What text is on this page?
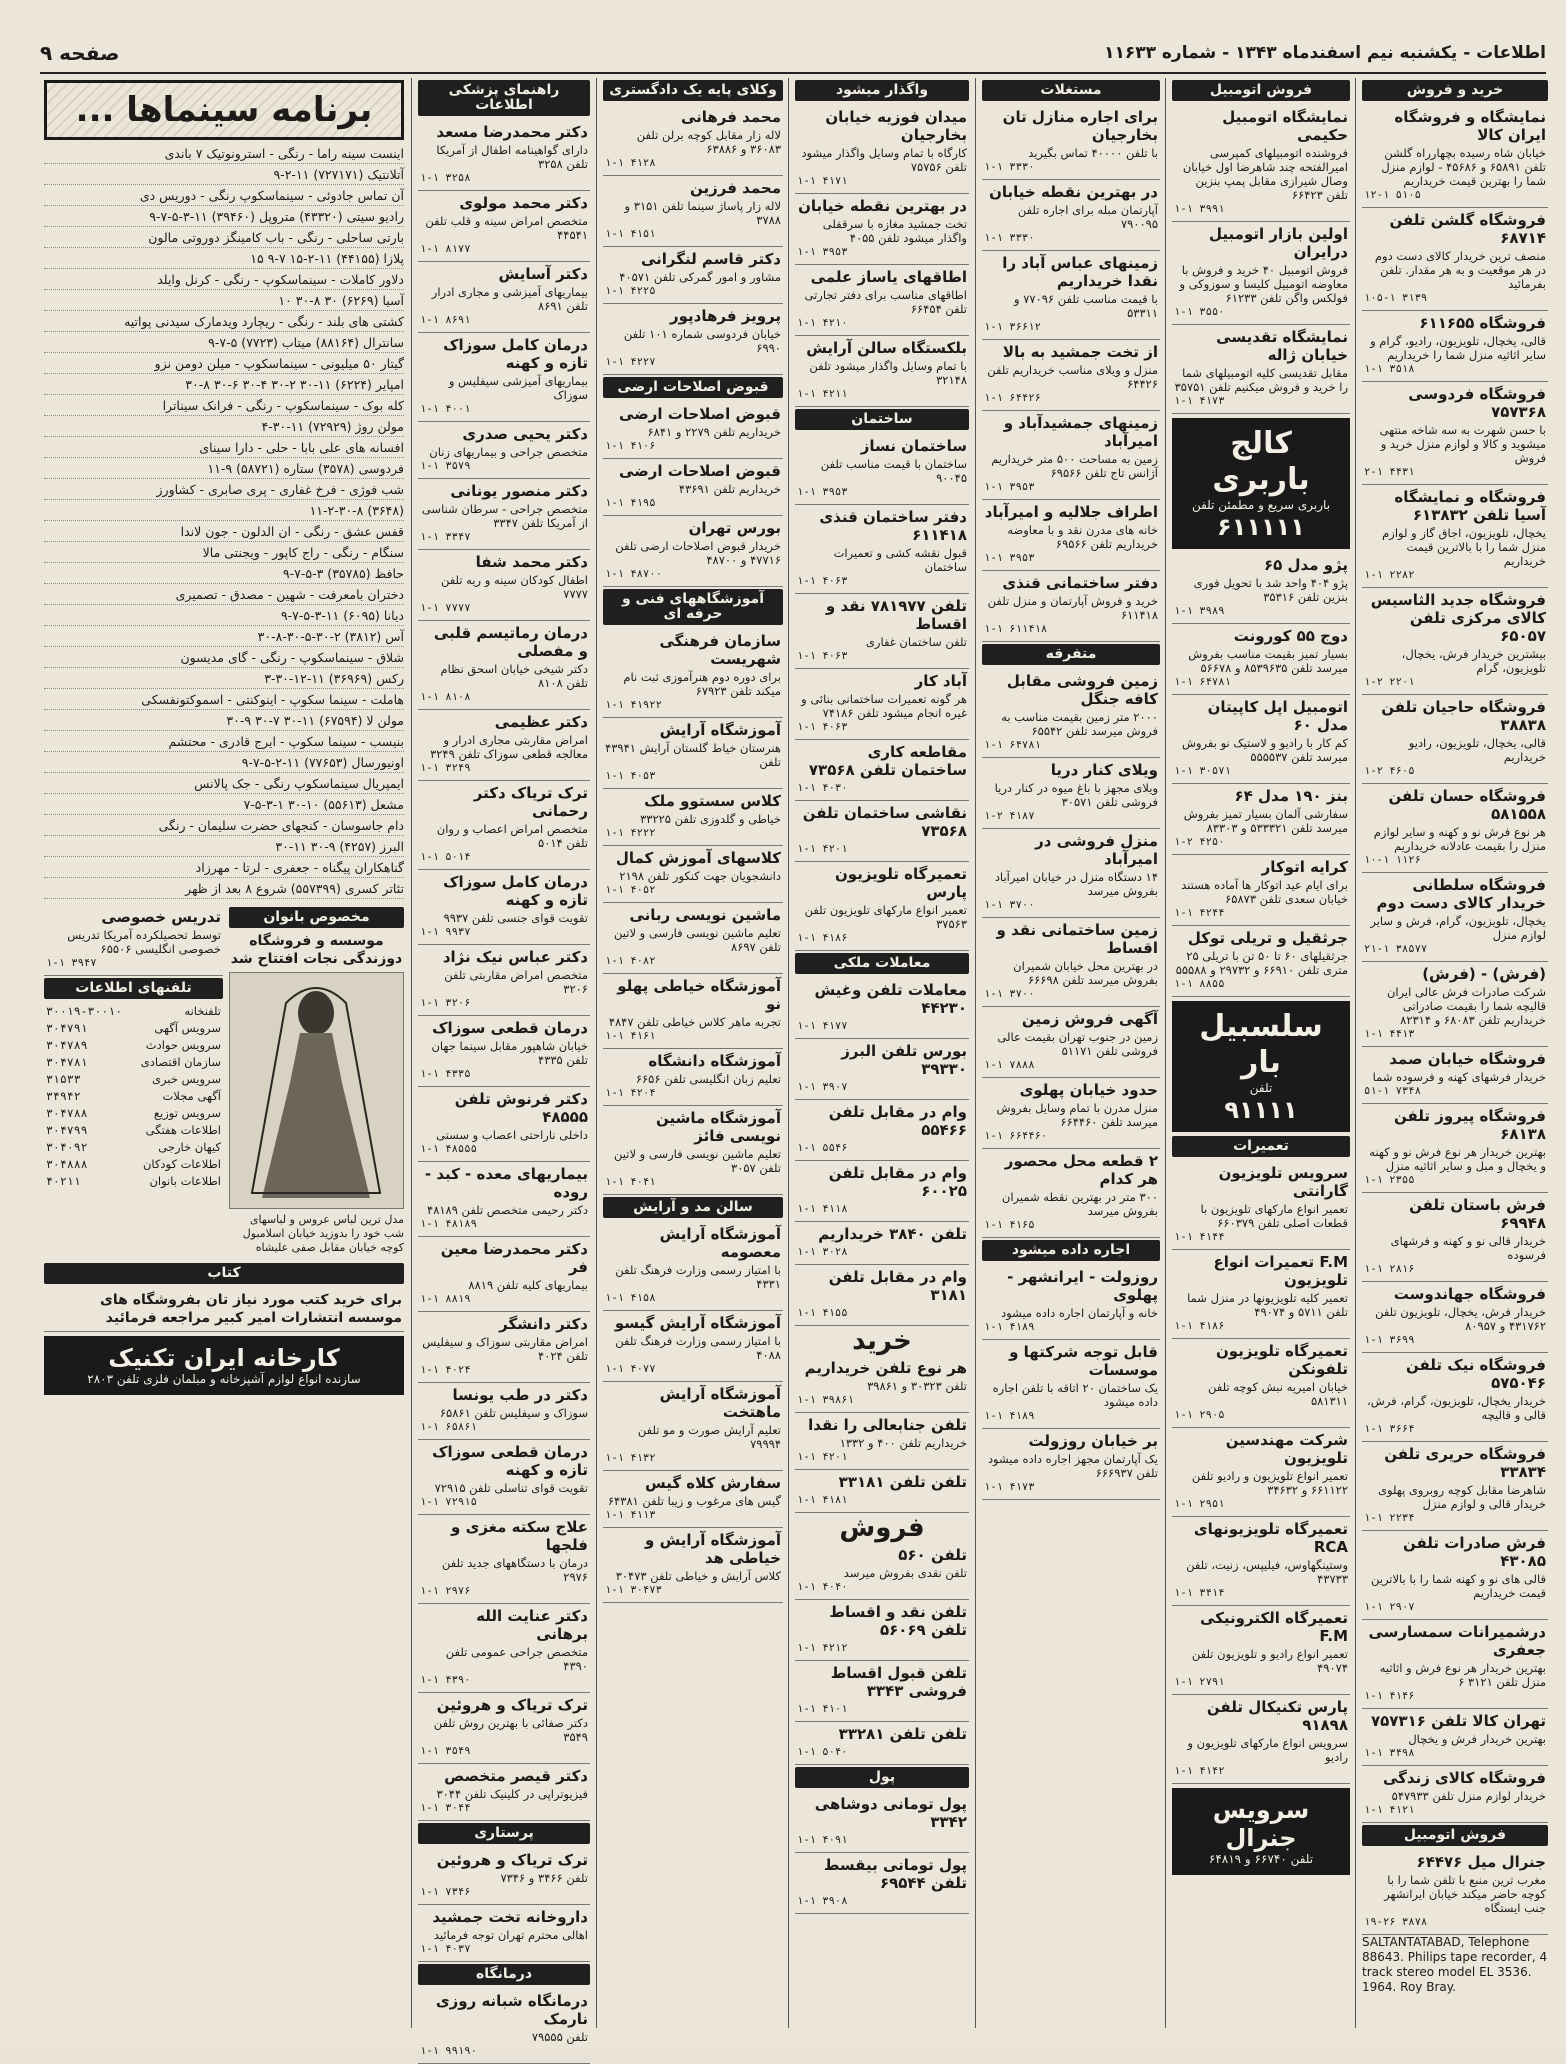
اطلاعات - یکشنبه نیم اسفندماه ۱۳۴۳ - شماره ۱۱۶۳۳
صفحه ۹
خرید و فروش
نمایشگاه و فروشگاه ایران کالا

خیابان شاه رسیده بچهارراه گلشن تلفن ۶۵۸۹۱ و ۴۵۶۸۶ - لوازم منزل شما را بهترین قیمت خریداریم

۱۲-۱ ۵۱۰۵
فروشگاه گلشن تلفن ۶۸۷۱۴

منصف ترین خریدار کالای دست دوم در هر موقعیت و به هر مقدار. تلفن بفرمائید

۱۰۵-۱ ۳۱۳۹
فروشگاه ۶۱۱۶۵۵

قالی، یخچال، تلویزیون، رادیو، گرام و سایر اثاثیه منزل شما را خریداریم

۱-۱ ۳۵۱۸
فروشگاه فردوسی ۷۵۷۳۶۸

با حسن شهرت به سه شاخه منتهی میشوید و کالا و لوازم منزل خرید و فروش

۲-۱ ۴۴۳۱
فروشگاه و نمایشگاه آسیا تلفن ۶۱۳۸۳۲

یخچال، تلویزیون، اجاق گاز و لوازم منزل شما را با بالاترین قیمت خریداریم

۱-۱ ۲۲۸۲
فروشگاه جدید الثاسیس کالای مرکزی تلفن ۶۵۰۵۷

بیشترین خریدار فرش، یخچال، تلویزیون، گرام

۱-۲ ۲۲۰۱
فروشگاه حاجیان تلفن ۳۸۸۳۸

قالی، یخچال، تلویزیون، رادیو خریداریم

۱-۲ ۴۶۰۵
فروشگاه حسان تلفن ۵۸۱۵۵۸

هر نوع فرش نو و کهنه و سایر لوازم منزل را بقیمت عادلانه خریداریم

۱۰-۱ ۱۱۲۶
فروشگاه سلطانی خریدار کالای دست دوم

یخچال، تلویزیون، گرام، فرش و سایر لوازم منزل

۲۱-۱ ۳۸۵۷۷
(فرش) - (فرش)

شرکت صادرات فرش عالی ایران قالیچه شما را بقیمت صادراتی خریداریم تلفن ۶۸۰۸۳ و ۸۲۳۱۴

۱-۱ ۴۴۱۳
فروشگاه خیابان صمد

خریدار فرشهای کهنه و فرسوده شما

۵۱-۱ ۷۳۴۸
فروشگاه پیروز تلفن ۶۸۱۳۸

بهترین خریدار هر نوع فرش نو و کهنه و یخچال و مبل و سایر اثاثیه منزل

۱-۱ ۲۳۵۵
فرش باستان تلفن ۶۹۹۴۸

خریدار قالی نو و کهنه و فرشهای فرسوده

۱-۱ ۲۸۱۶
فروشگاه جهاندوست

خریدار فرش، یخچال، تلویزیون تلفن ۴۳۱۷۶۲ و ۸۰۹۵۷

۱-۱ ۳۶۹۹
فروشگاه نیک تلفن ۵۷۵۰۴۶

خریدار یخچال، تلویزیون، گرام، فرش، قالی و قالیچه

۱-۱ ۳۶۶۴
فروشگاه حریری تلفن ۳۳۸۳۴

شاهرضا مقابل کوچه روبروی پهلوی خریدار قالی و لوازم منزل

۱-۱ ۲۲۳۴
فرش صادرات تلفن ۴۳۰۸۵

قالی های نو و کهنه شما را با بالاترین قیمت خریداریم

۱-۱ ۲۹۰۷
درشمیرانات سمسارسی جعفری

بهترین خریدار هر نوع فرش و اثاثیه منزل تلفن ۳۱۲۱ ۶

۱-۱ ۴۱۴۶
تهران کالا تلفن ۷۵۷۳۱۶

بهترین خریدار فرش و یخچال

۱-۱ ۳۴۹۸
فروشگاه کالای زندگی

خریدار لوازم منزل تلفن ۵۴۷۹۳۳

۱-۱ ۴۱۲۱
فروش اتومبیل
جنرال میل ۶۴۴۷۶

مغرب ترین منبع با تلفن شما را با کوچه حاضر میکند خیابان ایرانشهر جنب ایستگاه

۱۹-۲۶ ۳۸۷۸
SALTANTATABAD, Telephone 88643. Philips tape recorder, 4 track stereo model EL 3536. 1964. Roy Bray.
فروش اتومبیل
نمایشگاه اتومبیل حکیمی

فروشنده اتومبیلهای کمپرسی امیرالفتحه چند شاهرضا اول خیابان وصال شیرازی مقابل پمپ بنزین تلفن ۶۶۴۲۳

۱-۱ ۳۹۹۱
اولین بازار اتومبیل درایران

فروش اتومبیل ۴۰ خرید و فروش با معاوضه اتومبیل کلیسا و سوزوکی و فولکس واگن تلفن ۶۱۲۳۳

۱-۱ ۳۵۵۰
نمایشگاه تقدیسی خیابان ژاله

مقابل تقدیسی کلیه اتومبیلهای شما را خرید و فروش میکنیم تلفن ۳۵۷۵۱

۱-۱ ۴۱۷۳
کالج باربری
باربری سریع و مطمئن تلفن
۶۱۱۱۱۱
پژو مدل ۶۵

پژو ۴۰۴ واحد شد با تحویل فوری بنزین تلفن ۳۵۳۱۶

۱-۱ ۳۹۸۹
دوج ۵۵ کورونت

بسیار تمیز بقیمت مناسب بفروش میرسد تلفن ۸۵۳۹۶۳۵ و ۵۶۶۷۸

۱-۱ ۶۴۷۸۱
اتومبیل اپل کاپیتان مدل ۶۰

کم کار با رادیو و لاستیک نو بفروش میرسد تلفن ۵۵۵۵۳۷

۱-۱ ۳۰۵۷۱
بنز ۱۹۰ مدل ۶۴

سفارشی آلمان بسیار تمیز بفروش میرسد تلفن ۵۳۳۳۲۱ و ۸۳۳۰۳

۱-۲ ۴۲۵۰
کرایه اتوکار

برای ایام عید اتوکار ها آماده هستند خیابان سعدی تلفن ۶۵۸۷۳

۱-۱ ۴۲۴۴
جرثقیل و تریلی توکل

جرثقیلهای ۶۰ تا ۵۰ تن با تریلی ۲۵ متری تلفن ۶۶۹۱۰ و ۲۹۷۳۲ و ۵۵۵۸۸

۱-۱ ۸۸۵۵
سلسبیل بار
تلفن
۹۱۱۱۱
تعمیرات
سرویس تلویزیون گارانتی

تعمیر انواع مارکهای تلویزیون با قطعات اصلی تلفن ۶۶۰۳۷۹

۱-۱ ۴۱۴۴
F.M تعمیرات انواع تلویزیون

تعمیر کلیه تلویزیونها در منزل شما تلفن ۵۷۱۱ و ۴۹۰۷۴

۱-۱ ۴۱۸۶
تعمیرگاه تلویزیون تلفونکن

خیابان امیریه نبش کوچه تلفن ۵۸۱۳۱۱

۱-۱ ۲۹۰۵
شرکت مهندسین تلویزیون

تعمیر انواع تلویزیون و رادیو تلفن ۶۶۱۱۲۲ و ۳۴۶۳۲

۱-۱ ۲۹۵۱
تعمیرگاه تلویزیونهای RCA

وستینگهاوس، فیلیپس، زنیت، تلفن ۴۳۷۳۳

۱-۱ ۳۴۱۴
تعمیرگاه الکترونیکی F.M

تعمیر انواع رادیو و تلویزیون تلفن ۴۹۰۷۴

۱-۱ ۲۷۹۱
پارس تکنیکال تلفن ۹۱۸۹۸

سرویس انواع مارکهای تلویزیون و رادیو

۱-۱ ۴۱۴۲
سرویس جنرال
تلفن ۶۶۷۴۰ و ۶۴۸۱۹
مستغلات
برای اجاره منازل تان بخارجیان

با تلفن ۴۰۰۰۰ تماس بگیرید

۱-۱ ۳۳۳۰
در بهترین نقطه خیابان

آپارتمان مبله برای اجاره تلفن ۷۹۰۰۹۵

۱-۱ ۳۳۳۰
زمینهای عباس آباد را نقدا خریداریم

با قیمت مناسب تلفن ۷۷۰۹۶ و ۵۳۳۱۱

۱-۱ ۳۶۶۱۲
از تخت جمشید به بالا

منزل و ویلای مناسب خریداریم تلفن ۶۴۴۲۶

۱-۱ ۶۴۴۲۶
زمینهای جمشیدآباد و امیرآباد

زمین به مساحت ۵۰۰ متر خریداریم آژانس تاج تلفن ۶۹۵۶۶

۱-۱ ۳۹۵۳
اطراف جلالیه و امیرآباد

خانه های مدرن نقد و با معاوضه خریداریم تلفن ۶۹۵۶۶

۱-۱ ۳۹۵۳
دفتر ساختمانی قنذی

خرید و فروش آپارتمان و منزل تلفن ۶۱۱۴۱۸

۱-۱ ۶۱۱۴۱۸
متفرقه
زمین فروشی مقابل کافه جنگل

۲۰۰۰ متر زمین بقیمت مناسب به فروش میرسد تلفن ۶۵۵۴۲

۱-۱ ۶۴۷۸۱
ویلای کنار دریا

ویلای مجهز با باغ میوه در کنار دریا فروشی تلفن ۳۰۵۷۱

۱-۲ ۴۱۸۷
منزل فروشی در امیرآباد

۱۴ دستگاه منزل در خیابان امیرآباد بفروش میرسد

۱-۱ ۳۷۰۰
زمین ساختمانی نقد و اقساط

در بهترین محل خیابان شمیران بفروش میرسد تلفن ۶۶۶۹۸

۱-۱ ۳۷۰۰
آگهی فروش زمین

زمین در جنوب تهران بقیمت عالی فروشی تلفن ۵۱۱۷۱

۱-۱ ۷۸۸۸
حدود خیابان پهلوی

منزل مدرن با تمام وسایل بفروش میرسد تلفن ۶۶۴۴۶۰

۱-۱ ۶۶۴۴۶۰
۲ قطعه محل محصور هر کدام

۳۰۰ متر در بهترین نقطه شمیران بفروش میرسد

۱-۱ ۴۱۶۵
اجاره داده میشود
روزولت - ایرانشهر - پهلوی

خانه و آپارتمان اجاره داده میشود

۱-۱ ۴۱۸۹
قابل توجه شرکتها و موسسات

یک ساختمان ۲۰ اتاقه با تلفن اجاره داده میشود

۱-۱ ۴۱۸۹
بر خیابان روزولت

یک آپارتمان مجهز اجاره داده میشود تلفن ۶۶۶۹۳۷

۱-۱ ۴۱۷۳
واگذار میشود
میدان فوزیه خیابان بخارجیان

کارگاه با تمام وسایل واگذار میشود تلفن ۷۵۷۵۶

۱-۱ ۴۱۷۱
در بهترین نقطه خیابان

تخت جمشید مغازه با سرقفلی واگذار میشود تلفن ۴۰۵۵

۱-۱ ۳۹۵۳
اطاقهای یاساز علمی

اطاقهای مناسب برای دفتر تجارتی تلفن ۶۶۴۵۴

۱-۱ ۴۲۱۰
بلکستگاه سالن آرایش

با تمام وسایل واگذار میشود تلفن ۳۲۱۴۸

۱-۱ ۴۲۱۱
ساختمان
ساختمان نساز

ساختمان با قیمت مناسب تلفن ۹۰۰۴۵

۱-۱ ۳۹۵۳
دفتر ساختمان قنذی ۶۱۱۴۱۸

قبول نقشه کشی و تعمیرات ساختمان

۱-۱ ۴۰۶۳
تلفن ۷۸۱۹۷۷ نقد و اقساط

تلفن ساختمان غفاری

۱-۱ ۴۰۶۳
آباد کار

هر گونه تعمیرات ساختمانی بنائی و غیره انجام میشود تلفن ۷۴۱۸۶

۱-۱ ۴۰۶۳
مقاطعه کاری ساختمان تلفن ۷۳۵۶۸
۱-۱ ۴۰۳۰
نقاشی ساختمان تلفن ۷۳۵۶۸
۱-۱ ۴۲۰۱
تعمیرگاه تلویزیون پارس

تعمیر انواع مارکهای تلویزیون تلفن ۳۷۵۶۳

۱-۱ ۴۱۸۶
معاملات ملکی
معاملات تلفن وغیش ۴۴۲۳۰
۱-۱ ۴۱۷۷
بورس تلفن البرز ۳۹۳۳۰
۱-۱ ۳۹۰۷
وام در مقابل تلفن ۵۵۴۶۶
۱-۱ ۵۵۴۶
وام در مقابل تلفن ۶۰۰۲۵
۱-۱ ۴۱۱۸
تلفن ۳۸۴۰ خریداریم
۱-۱ ۳۰۲۸
وام در مقابل تلفن ۳۱۸۱
۱-۱ ۴۱۵۵
خرید
هر نوع تلفن خریداریم

تلفن ۳۰۳۲۳ و ۳۹۸۶۱

۱-۱ ۳۹۸۶۱
تلفن جنابعالی را نقدا

خریداریم تلفن ۴۰۰ و ۱۳۳۲

۱-۱ ۴۲۰۱
تلفن تلفن ۳۳۱۸۱
۱-۱ ۴۱۸۱
فروش
تلفن ۵۶۰

تلفن نقدی بفروش میرسد

۱-۱ ۴۰۴۰
تلفن نقد و اقساط تلفن ۵۶۰۶۹
۱-۱ ۴۲۱۲
تلفن قبول اقساط فروشی ۳۳۴۳
۱-۱ ۴۱۰۱
تلفن تلفن ۳۳۲۸۱
۱-۱ ۵۰۴۰
پول
پول تومانی دوشاهی ۳۳۴۲
۱-۱ ۴۰۹۱
پول تومانی بیقسط تلفن ۶۹۵۴۴
۱-۱ ۳۹۰۸
وکلای پایه یک دادگستری
محمد فرهانی

لاله زار مقابل کوچه برلن تلفن ۳۶۰۸۳ و ۶۳۸۸۶

۱-۱ ۴۱۲۸
محمد فرزین

لاله زار پاساژ سینما تلفن ۳۱۵۱ و ۳۷۸۸

۱-۱ ۴۱۵۱
دکتر قاسم لنگرانی

مشاور و امور گمرکی تلفن ۴۰۵۷۱

۱-۱ ۴۲۲۵
پرویز فرهادپور

خیابان فردوسی شماره ۱۰۱ تلفن ۶۹۹۰

۱-۱ ۴۲۲۷
قبوض اصلاحات ارضی
قبوض اصلاحات ارضی

خریداریم تلفن ۲۲۷۹ و ۶۸۴۱

۱-۱ ۴۱۰۶
قبوض اصلاحات ارضی

خریداریم تلفن ۴۳۶۹۱

۱-۱ ۴۱۹۵
بورس تهران

خریدار قبوض اصلاحات ارضی تلفن ۴۷۷۱۶ و ۴۸۷۰۰

۱-۱ ۴۸۷۰۰
آموزشگاههای فنی و حرفه ای
سازمان فرهنگی شهریست

برای دوره دوم هنرآموزی ثبت نام میکند تلفن ۶۷۹۲۳

۱-۱ ۴۱۹۲۲
آموزشگاه آرایش

هنرستان خیاط گلستان آرایش ۴۳۹۴۱ تلفن

۱-۱ ۴۰۵۳
کلاس سستوو ملک

خیاطی و گلدوزی تلفن ۳۳۲۲۵

۱-۱ ۴۲۲۲
کلاسهای آموزش کمال

دانشجویان جهت کنکور تلفن ۲۱۹۸

۱-۱ ۴۰۵۲
ماشین نویسی ربانی

تعلیم ماشین نویسی فارسی و لاتین تلفن ۸۶۹۷

۱-۱ ۴۰۸۲
آموزشگاه خیاطی پهلو نو

تجربه ماهر کلاس خیاطی تلفن ۴۸۴۷

۱-۱ ۴۱۶۱
آموزشگاه دانشگاه

تعلیم زبان انگلیسی تلفن ۶۶۵۶

۱-۱ ۴۲۰۴
آموزشگاه ماشین نویسی فائز

تعلیم ماشین نویسی فارسی و لاتین تلفن ۳۰۵۷

۱-۱ ۴۰۴۱
سالن مد و آرایش
آموزشگاه آرایش معصومه

با امتیاز رسمی وزارت فرهنگ تلفن ۴۳۳۱

۱-۱ ۴۱۵۸
آموزشگاه آرایش گیسو

با امتیاز رسمی وزارت فرهنگ تلفن ۴۰۸۸

۱-۱ ۴۰۷۷
آموزشگاه آرایش ماهتخت

تعلیم آرایش صورت و مو تلفن ۷۹۹۹۴

۱-۱ ۴۱۳۲
سفارش کلاه گیس

گیس های مرغوب و زیبا تلفن ۶۴۳۸۱

۱-۱ ۴۱۱۳
آموزشگاه آرایش و خیاطی هد

کلاس آرایش و خیاطی تلفن ۳۰۴۷۳

۱-۱ ۳۰۴۷۳
راهنمای پزشکی اطلاعات
دکتر محمدرضا مسعد

دارای گواهینامه اطفال از آمریکا تلفن ۳۲۵۸

۱-۱ ۳۲۵۸
دکتر محمد مولوی

متخصص امراض سینه و قلب تلفن ۴۴۵۴۱

۱-۱ ۸۱۷۷
دکتر آسایش

بیماریهای آمیزشی و مجاری ادرار تلفن ۸۶۹۱

۱-۱ ۸۶۹۱
درمان کامل سوزاک تازه و کهنه

بیماریهای آمیزشی سیفلیس و سوزاک

۱-۱ ۴۰۰۱
دکتر یحیی صدری

متخصص جراحی و بیماریهای زنان

۱-۱ ۳۵۷۹
دکتر منصور یونانی

متخصص جراحی - سرطان شناسی از آمریکا تلفن ۳۳۴۷

۱-۱ ۳۳۴۷
دکتر محمد شفا

اطفال کودکان سینه و ریه تلفن ۷۷۷۷

۱-۱ ۷۷۷۷
درمان رماتیسم قلبی و مفصلی

دکتر شیخی خیابان اسحق نظام تلفن ۸۱۰۸

۱-۱ ۸۱۰۸
دکتر عظیمی

امراض مقاربتی مجاری ادرار و معالجه قطعی سوزاک تلفن ۳۲۴۹

۱-۱ ۳۲۴۹
ترک تریاک دکتر رحمانی

متخصص امراض اعصاب و روان تلفن ۵۰۱۴

۱-۱ ۵۰۱۴
درمان کامل سوزاک تازه و کهنه

تقویت قوای جنسی تلفن ۹۹۳۷

۱-۱ ۹۹۳۷
دکتر عباس نیک نژاد

متخصص امراض مقاربتی تلفن ۳۲۰۶

۱-۱ ۳۲۰۶
درمان قطعی سوزاک

خیابان شاهپور مقابل سینما جهان تلفن ۴۳۳۵

۱-۱ ۴۳۳۵
دکتر فرنوش تلفن ۴۸۵۵۵

داخلی ناراحتی اعصاب و سستی

۱-۱ ۴۸۵۵۵
بیماریهای معده - کبد - روده

دکتر رحیمی متخصص تلفن ۴۸۱۸۹

۱-۱ ۴۸۱۸۹
دکتر محمدرضا معین فر

بیماریهای کلیه تلفن ۸۸۱۹

۱-۱ ۸۸۱۹
دکتر دانشگر

امراض مقاربتی سوزاک و سیفلیس تلفن ۴۰۲۴

۱-۱ ۴۰۲۴
دکتر در طب یونسا

سوزاک و سیفلیس تلفن ۶۵۸۶۱

۱-۱ ۶۵۸۶۱
درمان قطعی سوزاک تازه و کهنه

تقویت قوای تناسلی تلفن ۷۲۹۱۵

۱-۱ ۷۲۹۱۵
علاج سکته مغزی و فلجها

درمان با دستگاههای جدید تلفن ۲۹۷۶

۱-۱ ۲۹۷۶
دکتر عنایت الله برهانی

متخصص جراحی عمومی تلفن ۴۳۹۰

۱-۱ ۴۳۹۰
ترک تریاک و هروئین

دکتر صفائی با بهترین روش تلفن ۳۵۴۹

۱-۱ ۳۵۴۹
دکتر قیصر متخصص

فیزیوتراپی در کلینیک تلفن ۳۰۴۴

۱-۱ ۳۰۴۴
پرستاری
ترک تریاک و هروئین

تلفن ۳۴۶۶ و ۷۳۴۶

۱-۱ ۷۳۴۶
داروخانه تخت جمشید

اهالی محترم تهران توجه فرمائید

۱-۱ ۴۰۳۷
درمانگاه
درمانگاه شبانه روزی نارمک

تلفن ۷۹۵۵۵

۱-۱ ۹۹۱۹۰
برنامه سینماها ...

اینست سینه راما - رنگی - استرونوتیک ۷ باندی

آتلانتیک (۷۲۷۱۷۱) ۱۱-۲-۹

آن تماس جادوئی - سینماسکوپ رنگی - دوریس دی

رادیو سیتی (۴۳۳۲۰) متروپل (۳۹۴۶۰) ۱۱-۳-۵-۷-۹

بارتی ساحلی - رنگی - باب کامینگز دوروتی مالون

پلازا (۴۴۱۵۵) ۱۱-۲-۱۵ ۷-۹ ۱۵

دلاور کاملات - سینماسکوپ - رنگی - کرنل وایلد

آسیا (۶۲۶۹) ۳۰ ۸-۳۰ ۱۰

کشتی های بلند - رنگی - ریچارد ویدمارک سیدنی پواتیه

سانترال (۸۸۱۶۴) میتاب (۷۷۲۳) ۵-۷-۹

گیتار ۵۰ میلیونی - سینماسکوپ - میلن دومن نزو

امپایر (۶۲۲۴) ۱۱-۳۰ ۲-۳۰ ۴-۳۰ ۶-۳۰ ۸-۳۰

کله بوک - سینماسکوپ - رنگی - فرانک سیناترا

مولن روژ (۷۲۹۲۹) ۱۱-۳۰-۴

افسانه های علی بابا - حلی - دارا سینای

فردوسی (۳۵۷۸) ستاره (۵۸۷۲۱) ۹-۱۱

شب فوژی - فرخ غفاری - پری صابری - کشاورز

(۳۶۴۸) ۱۱-۲-۳۰-۸

قفس عشق - رنگی - ان الدلون - جون لاندا

سنگام - رنگی - راج کاپور - ویجنتی مالا

حافظ (۳۵۷۸۵) ۳-۵-۷-۹

دختران بامعرفت - شهین - مصدق - تصمیری

دیانا (۶۰۹۵) ۱۱-۳-۵-۷-۹

آس (۳۸۱۲) ۲-۳۰-۵-۳۰-۸-۳۰

شلاق - سینماسکوپ - رنگی - گای مدیسون

رکس (۳۶۹۶۹) ۱۱-۱۲-۳۰-۳

هاملت - سینما سکوپ - اینوکنتی - اسموکتونفسکی

مولن لا (۶۷۵۹۴) ۱۱-۳۰ ۷-۳۰ ۹-۳۰

بنیسب - سینما سکوپ - ایرج قادری - محتشم

اونیورسال (۷۷۶۵۳) ۱۱-۲-۵-۷-۹

ایمپریال سینماسکوپ رنگی - جک پالانس

مشعل (۵۵۶۱۳) ۱۰-۳۰ ۱-۳-۵-۷

دام جاسوسان - کنجهای حضرت سلیمان - رنگی

البرز (۴۲۵۷) ۹-۳۰ ۱۱-۳۰

گناهکاران پیگناه - جعفری - لرتا - مهرزاد

تئاتر کسری (۵۵۷۳۹۹) شروع ۸ بعد از ظهر

مخصوص بانوان
موسسه و فروشگاه دوزندگی نجات افتتاح شد

مدل ترین لباس عروس و لباسهای شب خود را بدوزید خیابان اسلامبول کوچه خیابان مقابل صفی علیشاه

تدریس خصوصی

توسط تحصیلکرده آمریکا تدریس خصوصی انگلیسی ۶۵۵۰۶

۱-۱ ۳۹۴۷
تلفنهای اطلاعات
تلفنخانه	۳۰۰۱۹-۳۰۰۱۰
سرویس آگهی	۳۰۴۷۹۱
سرویس حوادث	۳۰۴۷۸۹
سازمان اقتصادی	۳۰۴۷۸۱
سرویس خبری	۳۱۵۳۳
آگهی مجلات	۳۴۹۴۲
سرویس توزیع	۳۰۴۷۸۸
اطلاعات هفتگی	۳۰۴۷۹۹
کیهان خارجی	۳۰۴۰۹۲
اطلاعات کودکان	۳۰۴۸۸۸
اطلاعات بانوان	۴۰۲۱۱
کتاب

برای خرید کتب مورد نیاز تان بفروشگاه های موسسه انتشارات امیر کبیر مراجعه فرمائید

کارخانه ایران تکنیک
سازنده انواع لوازم آشپزخانه و مبلمان فلزی تلفن ۲۸۰۳
